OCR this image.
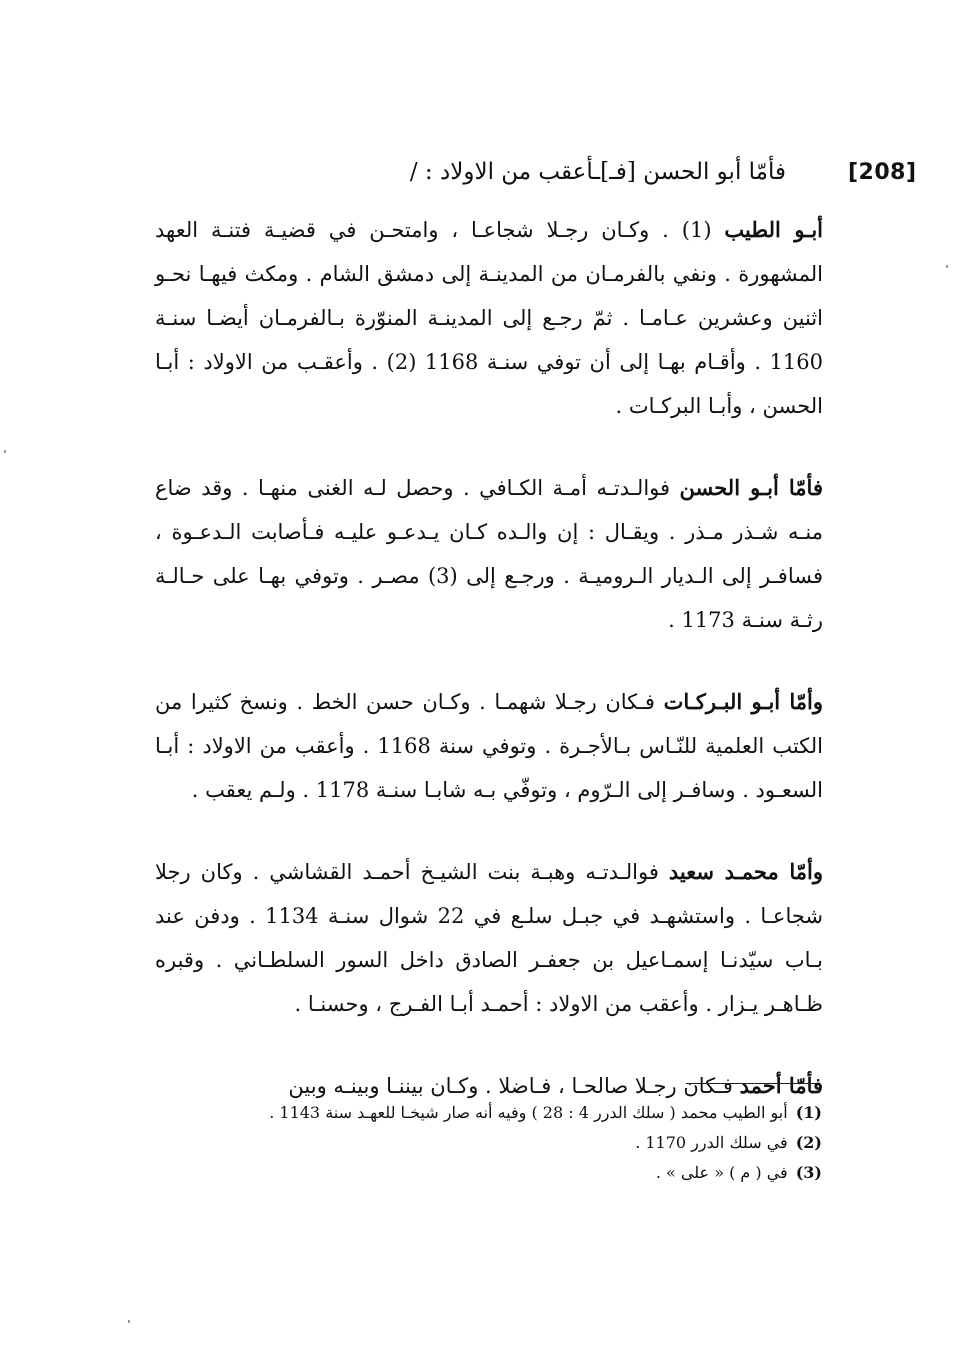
[208]
فأمّا أبو الحسن [فـ]ـأعقب من الاولاد : /

أبـو الطيب (1) . وكـان رجـلا شجاعـا ، وامتحـن في قضيـة فتنـة العهد المشهورة . ونفي بالفرمـان من المدينـة إلى دمشق الشام . ومكث فيهـا نحـو اثنين وعشرين عـامـا . ثمّ رجـع إلى المدينـة المنوّرة بـالفرمـان أيضـا سنـة 1160 . وأقـام بهـا إلى أن توفي سنـة 1168 (2) . وأعقـب من الاولاد : أبـا الحسن ، وأبـا البركـات .

فأمّا أبـو الحسن فوالـدتـه أمـة الكـافي . وحصل لـه الغنى منهـا . وقد ضاع منـه شـذر مـذر . ويقـال : إن والـده كـان يـدعـو عليـه فـأصابت الـدعـوة ، فسافـر إلى الـديار الـروميـة . ورجـع إلى (3) مصـر . وتوفي بهـا على حـالـة رثـة سنـة 1173 .

وأمّا أبـو البـركـات فـكان رجـلا شهمـا . وكـان حسن الخط . ونسخ كثيرا من الكتب العلمية للنّـاس بـالأجـرة . وتوفي سنة 1168 . وأعقب من الاولاد : أبـا السعـود . وسافـر إلى الـرّوم ، وتوفّي بـه شابـا سنـة 1178 . ولـم يعقب .

وأمّا محمـد سعيد فوالـدتـه وهبـة بنت الشيـخ أحمـد القشاشي . وكان رجلا شجاعـا . واستشهـد في جبـل سلـع في 22 شوال سنـة 1134 . ودفن عند بـاب سيّدنـا إسمـاعيل بن جعفـر الصادق داخل السور السلطـاني . وقبره ظـاهـر يـزار . وأعقب من الاولاد : أحمـد أبـا الفـرج ، وحسنـا .

فأمّا أحمد فـكان رجـلا صالحـا ، فـاضلا . وكـان بيننـا وبينـه وبين

(1)أبو الطيب محمد ( سلك الدرر 4 : 28 ) وفيه أنه صار شيخـا للعهـد سنة 1143 .

(2)في سلك الدرر 1170 .

(3)في ( م ) « على » .
